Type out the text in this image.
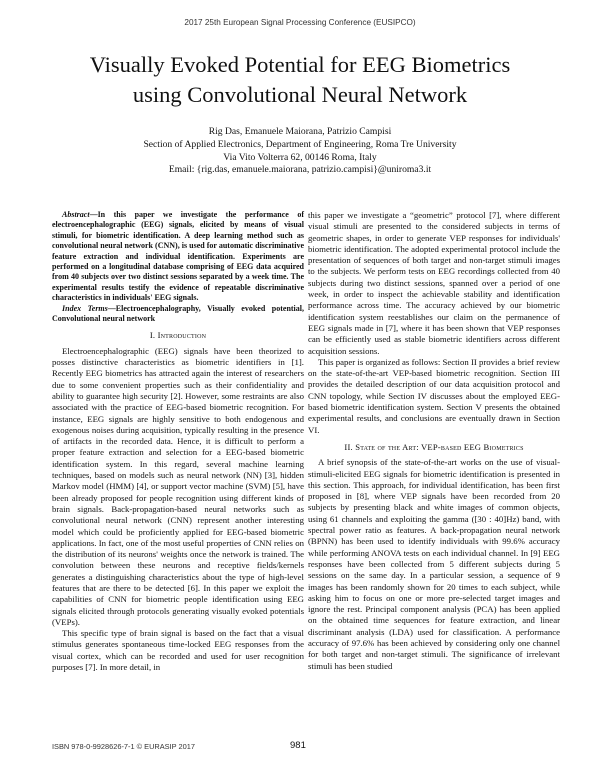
2017 25th European Signal Processing Conference (EUSIPCO)
Visually Evoked Potential for EEG Biometrics
using Convolutional Neural Network
Rig Das, Emanuele Maiorana, Patrizio Campisi
Section of Applied Electronics, Department of Engineering, Roma Tre University
Via Vito Volterra 62, 00146 Roma, Italy
Email: {rig.das, emanuele.maiorana, patrizio.campisi}@uniroma3.it

Abstract—In this paper we investigate the performance of electroencephalographic (EEG) signals, elicited by means of visual stimuli, for biometric identification. A deep learning method such as convolutional neural network (CNN), is used for automatic discriminative feature extraction and individual identification. Experiments are performed on a longitudinal database comprising of EEG data acquired from 40 subjects over two distinct sessions separated by a week time. The experimental results testify the evidence of repeatable discriminative characteristics in individuals' EEG signals.

Index Terms—Electroencephalography, Visually evoked potential, Convolutional neural network

I. Introduction

Electroencephalographic (EEG) signals have been theorized to posses distinctive characteristics as biometric identifiers in [1]. Recently EEG biometrics has attracted again the interest of researchers due to some convenient properties such as their confidentiality and ability to guarantee high security [2]. However, some restraints are also associated with the practice of EEG-based biometric recognition. For instance, EEG signals are highly sensitive to both endogenous and exogenous noises during acquisition, typically resulting in the presence of artifacts in the recorded data. Hence, it is difficult to perform a proper feature extraction and selection for a EEG-based biometric identification system. In this regard, several machine learning techniques, based on models such as neural network (NN) [3], hidden Markov model (HMM) [4], or support vector machine (SVM) [5], have been already proposed for people recognition using different kinds of brain signals. Back-propagation-based neural networks such as convolutional neural network (CNN) represent another interesting model which could be proficiently applied for EEG-based biometric applications. In fact, one of the most useful properties of CNN relies on the distribution of its neurons' weights once the network is trained. The convolution between these neurons and receptive fields/kernels generates a distinguishing characteristics about the type of high-level features that are there to be detected [6]. In this paper we exploit the capabilities of CNN for biometric people identification using EEG signals elicited through protocols generating visually evoked potentials (VEPs).

This specific type of brain signal is based on the fact that a visual stimulus generates spontaneous time-locked EEG responses from the visual cortex, which can be recorded and used for user recognition purposes [7]. In more detail, in

this paper we investigate a “geometric” protocol [7], where different visual stimuli are presented to the considered subjects in terms of geometric shapes, in order to generate VEP responses for individuals' biometric identification. The adopted experimental protocol include the presentation of sequences of both target and non-target stimuli images to the subjects. We perform tests on EEG recordings collected from 40 subjects during two distinct sessions, spanned over a period of one week, in order to inspect the achievable stability and identification performance across time. The accuracy achieved by our biometric identification system reestablishes our claim on the permanence of EEG signals made in [7], where it has been shown that VEP responses can be efficiently used as stable biometric identifiers across different acquisition sessions.

This paper is organized as follows: Section II provides a brief review on the state-of-the-art VEP-based biometric recognition. Section III provides the detailed description of our data acquisition protocol and CNN topology, while Section IV discusses about the employed EEG-based biometric identification system. Section V presents the obtained experimental results, and conclusions are eventually drawn in Section VI.

II. State of the Art: VEP-based EEG Biometrics

A brief synopsis of the state-of-the-art works on the use of visual-stimuli-elicited EEG signals for biometric identification is presented in this section. This approach, for individual identification, has been first proposed in [8], where VEP signals have been recorded from 20 subjects by presenting black and white images of common objects, using 61 channels and exploiting the gamma ([30 : 40]Hz) band, with spectral power ratio as features. A back-propagation neural network (BPNN) has been used to identify individuals with 99.6% accuracy while performing ANOVA tests on each individual channel. In [9] EEG responses have been collected from 5 different subjects during 5 sessions on the same day. In a particular session, a sequence of 9 images has been randomly shown for 20 times to each subject, while asking him to focus on one or more pre-selected target images and ignore the rest. Principal component analysis (PCA) has been applied on the obtained time sequences for feature extraction, and linear discriminant analysis (LDA) used for classification. A performance accuracy of 97.6% has been achieved by considering only one channel for both target and non-target stimuli. The significance of irrelevant stimuli has been studied

ISBN 978-0-9928626-7-1 © EURASIP 2017	981
